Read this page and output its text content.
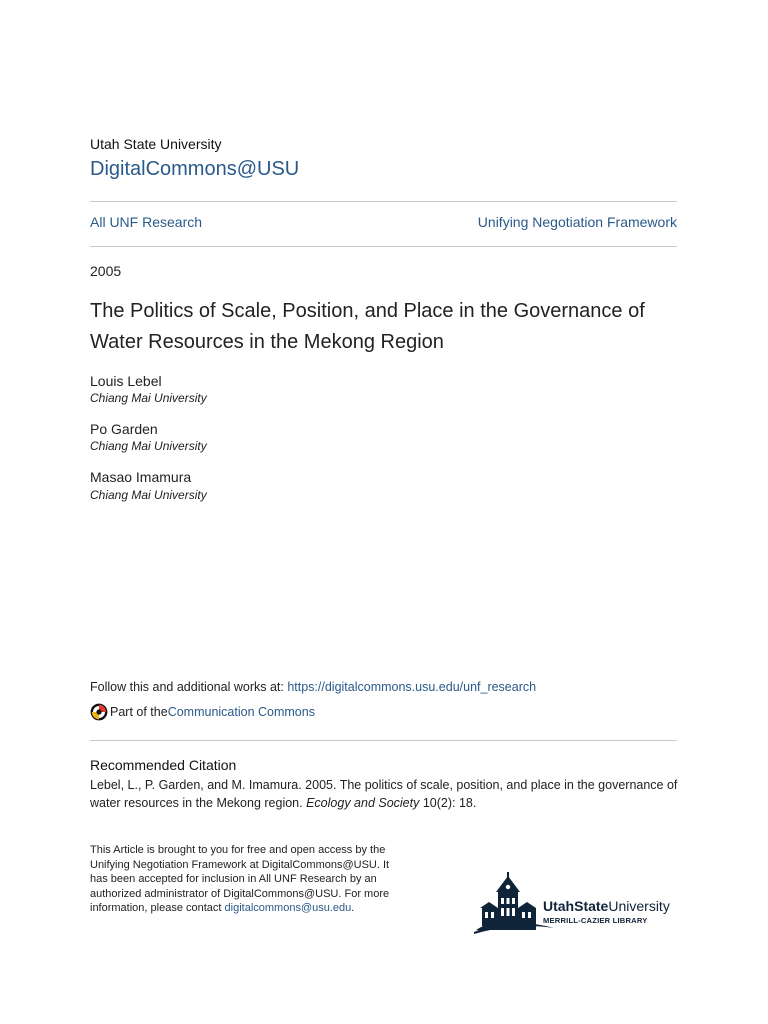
Utah State University
DigitalCommons@USU
All UNF Research	Unifying Negotiation Framework
2005
The Politics of Scale, Position, and Place in the Governance of Water Resources in the Mekong Region
Louis Lebel
Chiang Mai University
Po Garden
Chiang Mai University
Masao Imamura
Chiang Mai University
Follow this and additional works at: https://digitalcommons.usu.edu/unf_research
Part of the Communication Commons
Recommended Citation
Lebel, L., P. Garden, and M. Imamura. 2005. The politics of scale, position, and place in the governance of water resources in the Mekong region. Ecology and Society 10(2): 18.
This Article is brought to you for free and open access by the Unifying Negotiation Framework at DigitalCommons@USU. It has been accepted for inclusion in All UNF Research by an authorized administrator of DigitalCommons@USU. For more information, please contact digitalcommons@usu.edu.	UtahStateUniversity
MERRILL-CAZIER LIBRARY
